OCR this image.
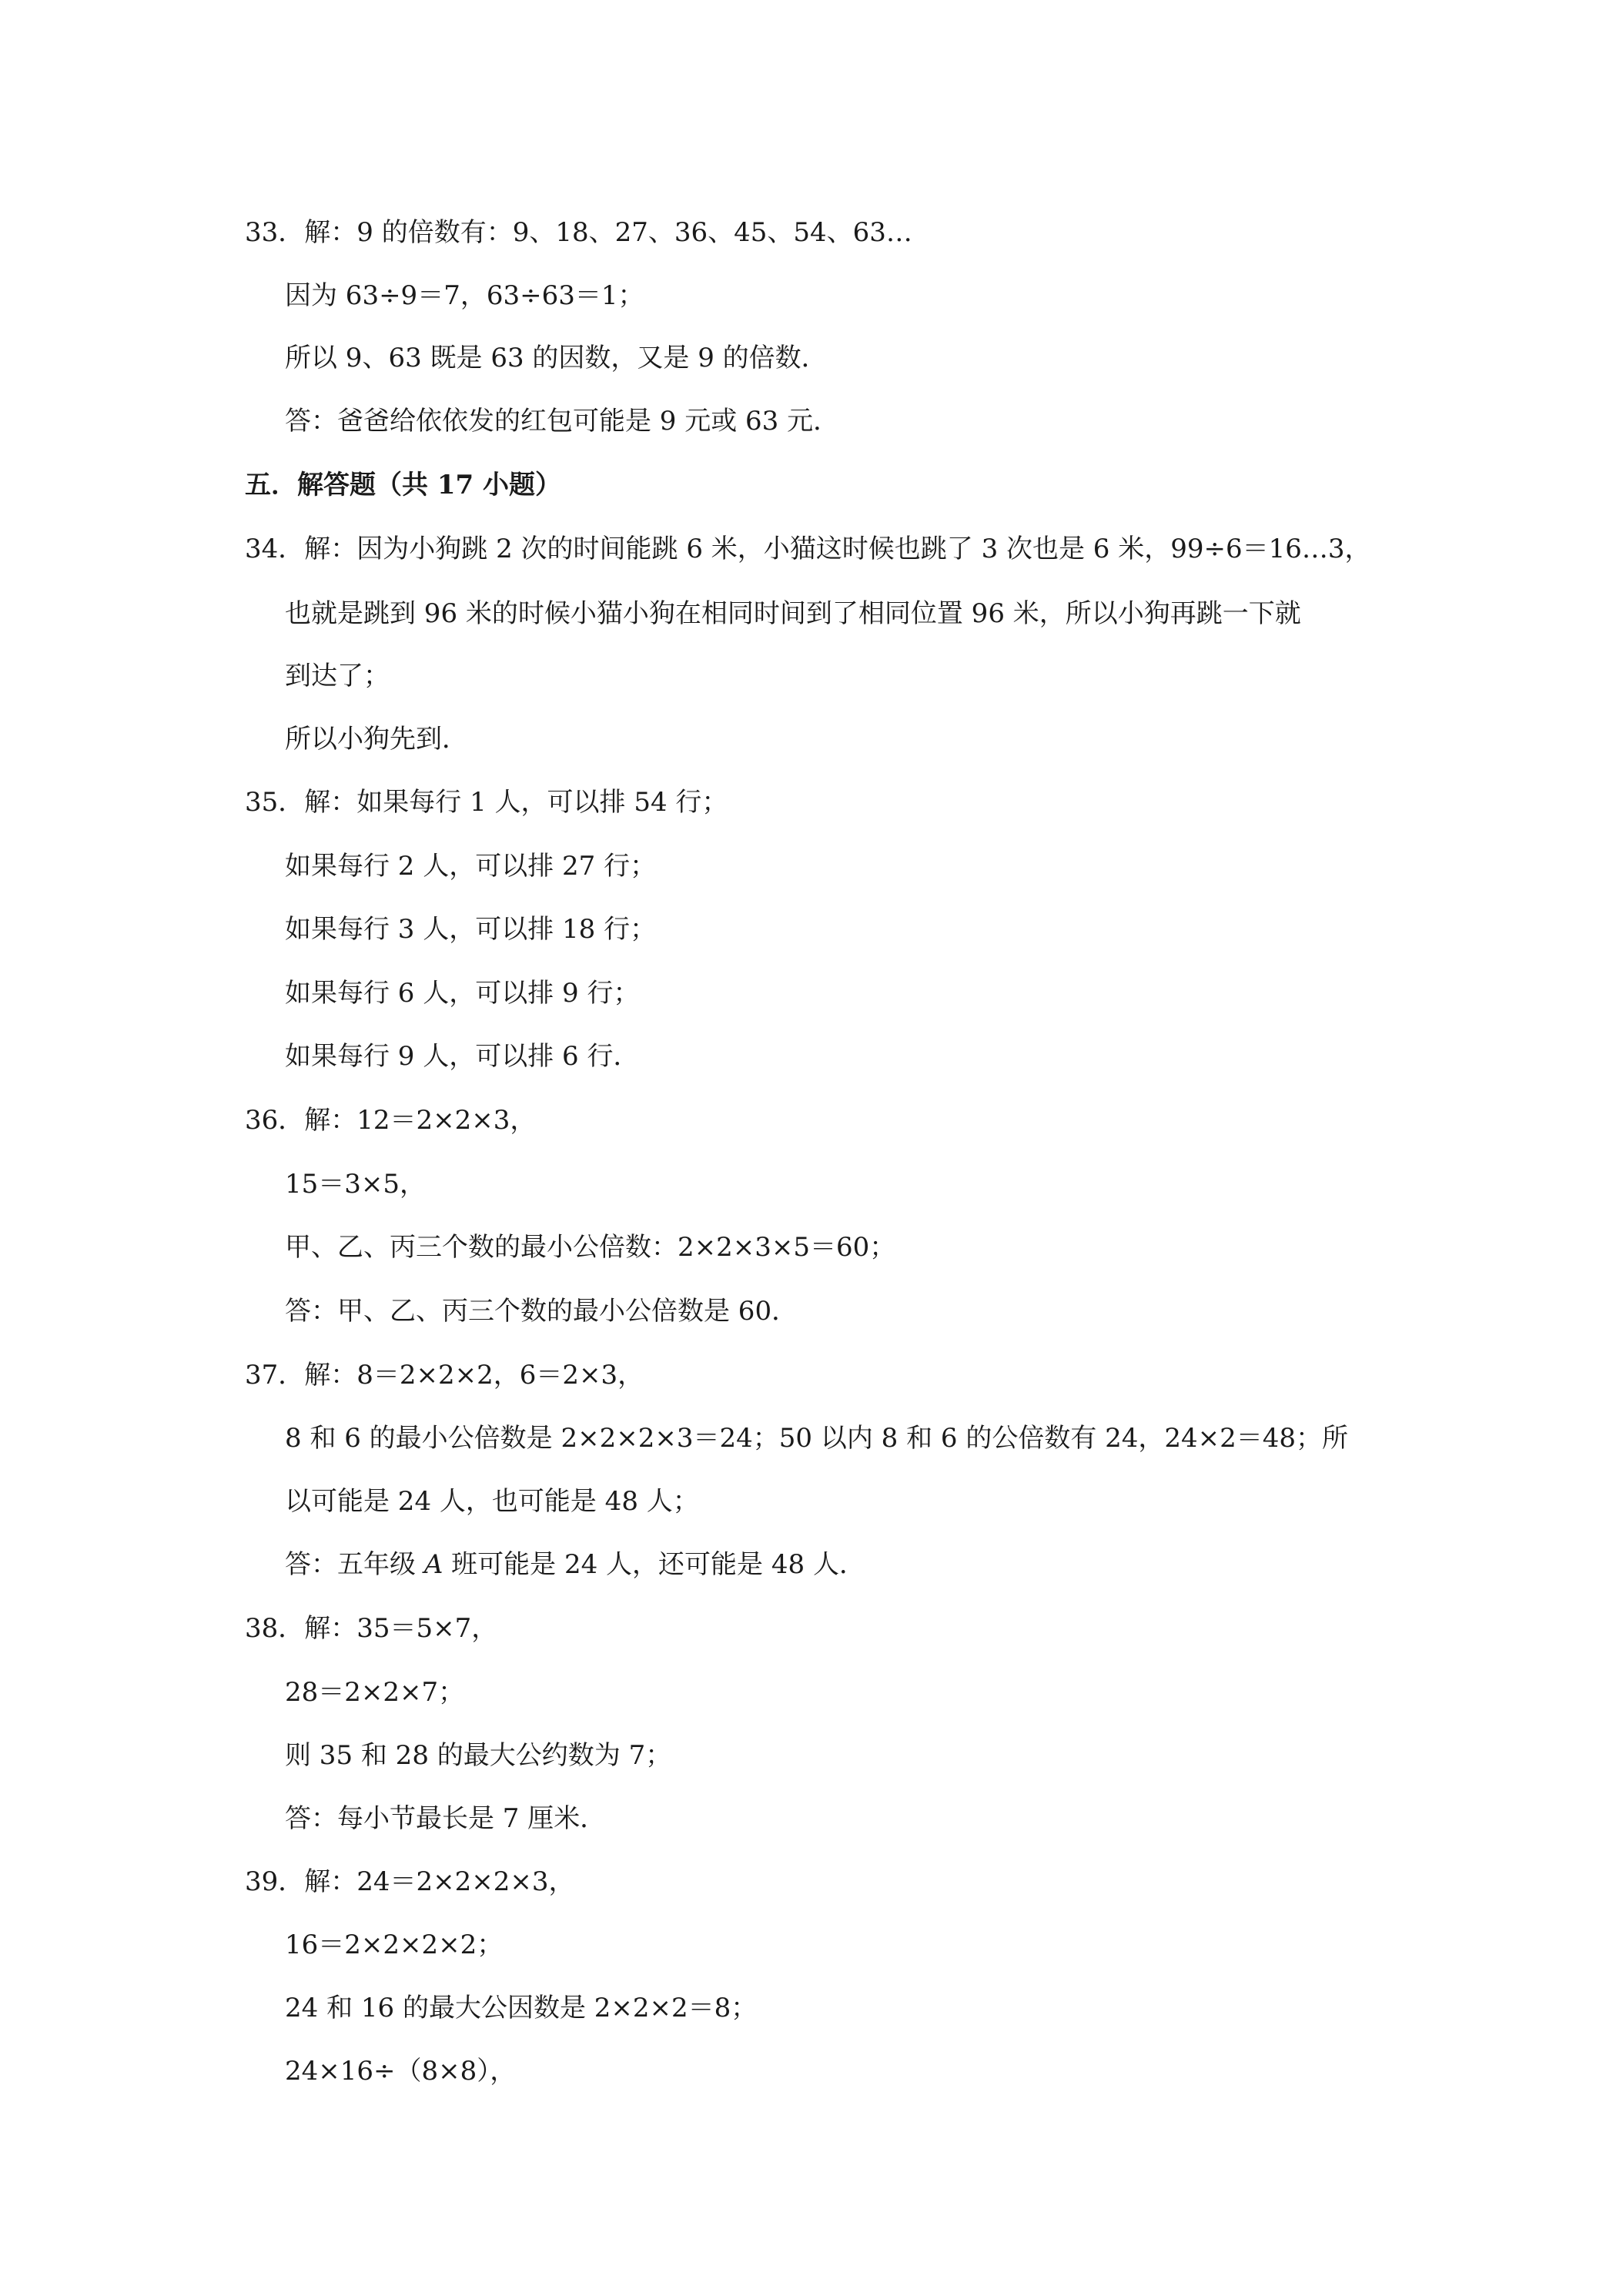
33．解：9 的倍数有：9、18、27、36、45、54、63…
因为 63÷9＝7，63÷63＝1；
所以 9、63 既是 63 的因数，又是 9 的倍数．
答：爸爸给依依发的红包可能是 9 元或 63 元．
五．解答题（共 17 小题）
34．解：因为小狗跳 2 次的时间能跳 6 米，小猫这时候也跳了 3 次也是 6 米，99÷6＝16…3，
也就是跳到 96 米的时候小猫小狗在相同时间到了相同位置 96 米，所以小狗再跳一下就
到达了；
所以小狗先到．
35．解：如果每行 1 人，可以排 54 行；
如果每行 2 人，可以排 27 行；
如果每行 3 人，可以排 18 行；
如果每行 6 人，可以排 9 行；
如果每行 9 人，可以排 6 行．
36．解：12＝2×2×3，
15＝3×5，
甲、乙、丙三个数的最小公倍数：2×2×3×5＝60；
答：甲、乙、丙三个数的最小公倍数是 60．
37．解：8＝2×2×2，6＝2×3，
8 和 6 的最小公倍数是 2×2×2×3＝24；50 以内 8 和 6 的公倍数有 24，24×2＝48；所
以可能是 24 人，也可能是 48 人；
答：五年级 A 班可能是 24 人，还可能是 48 人．
38．解：35＝5×7，
28＝2×2×7；
则 35 和 28 的最大公约数为 7；
答：每小节最长是 7 厘米．
39．解：24＝2×2×2×3，
16＝2×2×2×2；
24 和 16 的最大公因数是 2×2×2＝8；
24×16÷（8×8），
